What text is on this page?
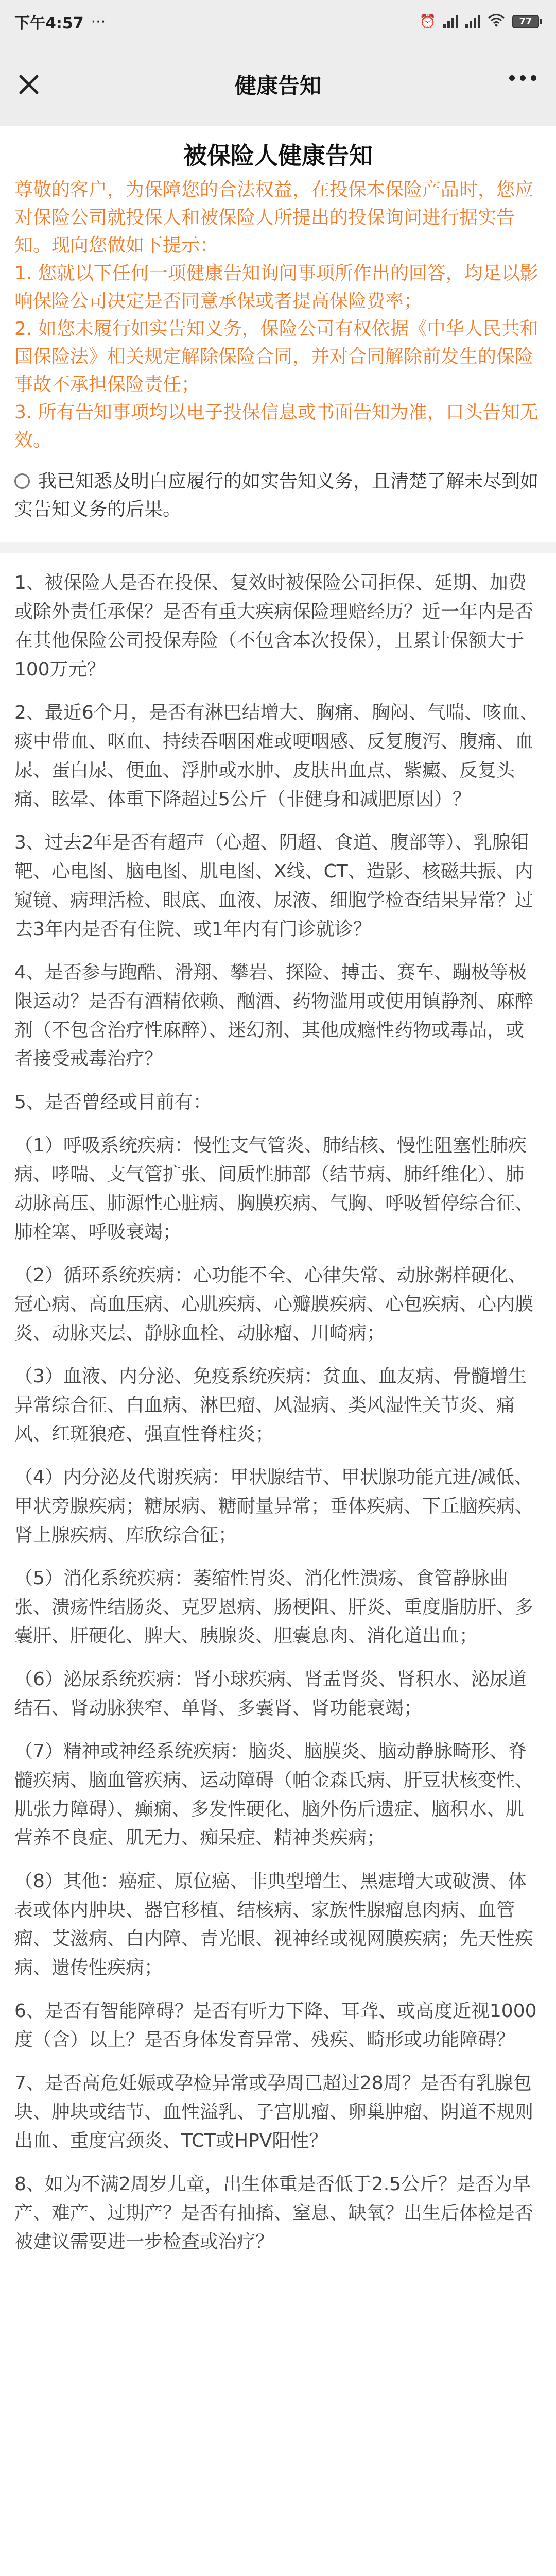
下午4:57 ···	⏰	77
健康告知
被保险人健康告知
尊敬的客户，为保障您的合法权益，在投保本保险产品时，您应对保险公司就投保人和被保险人所提出的投保询问进行据实告知。现向您做如下提示：
1. 您就以下任何一项健康告知询问事项所作出的回答，均足以影响保险公司决定是否同意承保或者提高保险费率；
2. 如您未履行如实告知义务，保险公司有权依据《中华人民共和国保险法》相关规定解除保险合同，并对合同解除前发生的保险事故不承担保险责任；
3. 所有告知事项均以电子投保信息或书面告知为准，口头告知无效。
我已知悉及明白应履行的如实告知义务，且清楚了解未尽到如实告知义务的后果。
1、被保险人是否在投保、复效时被保险公司拒保、延期、加费或除外责任承保？是否有重大疾病保险理赔经历？近一年内是否在其他保险公司投保寿险（不包含本次投保），且累计保额大于100万元？
2、最近6个月，是否有淋巴结增大、胸痛、胸闷、气喘、咳血、痰中带血、呕血、持续吞咽困难或哽咽感、反复腹泻、腹痛、血尿、蛋白尿、便血、浮肿或水肿、皮肤出血点、紫癜、反复头痛、眩晕、体重下降超过5公斤（非健身和减肥原因）？
3、过去2年是否有超声（心超、阴超、食道、腹部等）、乳腺钼靶、心电图、脑电图、肌电图、X线、CT、造影、核磁共振、内窥镜、病理活检、眼底、血液、尿液、细胞学检查结果异常？过去3年内是否有住院、或1年内有门诊就诊？
4、是否参与跑酷、滑翔、攀岩、探险、搏击、赛车、蹦极等极限运动？是否有酒精依赖、酗酒、药物滥用或使用镇静剂、麻醉剂（不包含治疗性麻醉）、迷幻剂、其他成瘾性药物或毒品，或者接受戒毒治疗？
5、是否曾经或目前有：
（1）呼吸系统疾病：慢性支气管炎、肺结核、慢性阻塞性肺疾病、哮喘、支气管扩张、间质性肺部（结节病、肺纤维化）、肺动脉高压、肺源性心脏病、胸膜疾病、气胸、呼吸暂停综合征、肺栓塞、呼吸衰竭；
（2）循环系统疾病：心功能不全、心律失常、动脉粥样硬化、冠心病、高血压病、心肌疾病、心瓣膜疾病、心包疾病、心内膜炎、动脉夹层、静脉血栓、动脉瘤、川崎病；
（3）血液、内分泌、免疫系统疾病：贫血、血友病、骨髓增生异常综合征、白血病、淋巴瘤、风湿病、类风湿性关节炎、痛风、红斑狼疮、强直性脊柱炎；
（4）内分泌及代谢疾病：甲状腺结节、甲状腺功能亢进/减低、甲状旁腺疾病；糖尿病、糖耐量异常；垂体疾病、下丘脑疾病、肾上腺疾病、库欣综合征；
（5）消化系统疾病：萎缩性胃炎、消化性溃疡、食管静脉曲张、溃疡性结肠炎、克罗恩病、肠梗阻、肝炎、重度脂肪肝、多囊肝、肝硬化、脾大、胰腺炎、胆囊息肉、消化道出血；
（6）泌尿系统疾病：肾小球疾病、肾盂肾炎、肾积水、泌尿道结石、肾动脉狭窄、单肾、多囊肾、肾功能衰竭；
（7）精神或神经系统疾病：脑炎、脑膜炎、脑动静脉畸形、脊髓疾病、脑血管疾病、运动障碍（帕金森氏病、肝豆状核变性、肌张力障碍）、癫痫、多发性硬化、脑外伤后遗症、脑积水、肌营养不良症、肌无力、痴呆症、精神类疾病；
（8）其他：癌症、原位癌、非典型增生、黑痣增大或破溃、体表或体内肿块、器官移植、结核病、家族性腺瘤息肉病、血管瘤、艾滋病、白内障、青光眼、视神经或视网膜疾病；先天性疾病、遗传性疾病；
6、是否有智能障碍？是否有听力下降、耳聋、或高度近视1000度（含）以上？是否身体发育异常、残疾、畸形或功能障碍？
7、是否高危妊娠或孕检异常或孕周已超过28周？是否有乳腺包块、肿块或结节、血性溢乳、子宫肌瘤、卵巢肿瘤、阴道不规则出血、重度宫颈炎、TCT或HPV阳性？
8、如为不满2周岁儿童，出生体重是否低于2.5公斤？是否为早产、难产、过期产？是否有抽搐、窒息、缺氧？出生后体检是否被建议需要进一步检查或治疗？
